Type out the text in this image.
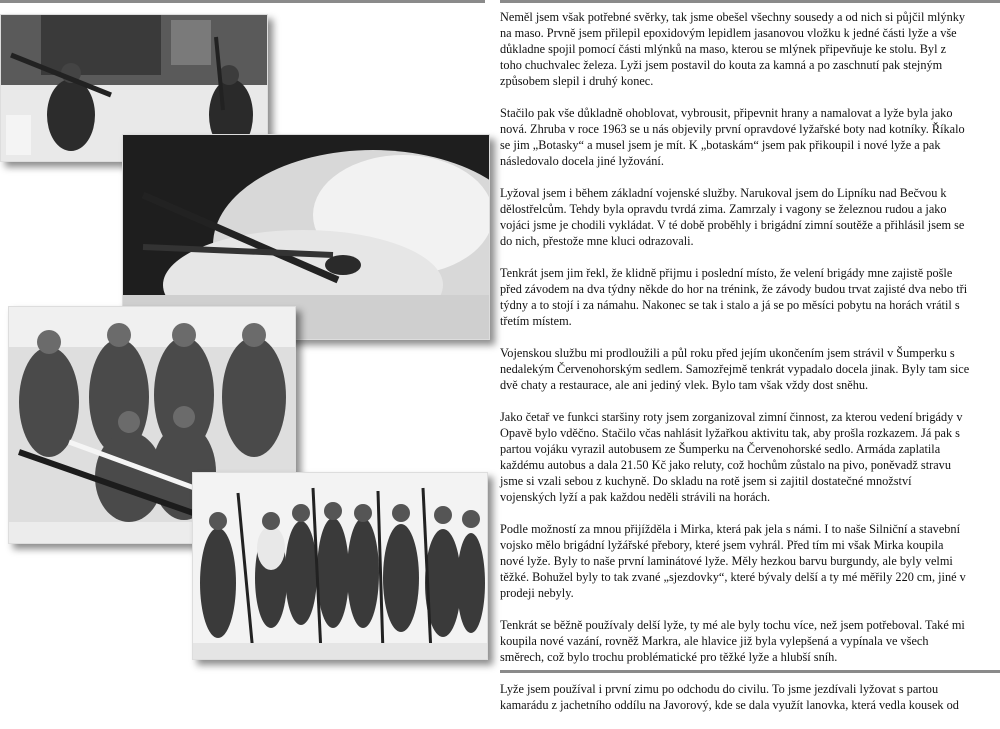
Neměl jsem však potřebné svěrky, tak jsme obešel všechny sousedy a od nich si půjčil mlýnky na maso. Prvně jsem přilepil epoxidovým lepidlem jasanovou vložku k jedné části lyže a vše důkladne spojil pomocí části mlýnků na maso, kterou se mlýnek připevňuje ke stolu. Byl z toho chuchvalec železa. Lyži jsem postavil do kouta za kamná a po zaschnutí pak stejným způsobem slepil i druhý konec.

Stačilo pak vše důkladně ohoblovat, vybrousit, připevnit hrany a namalovat a lyže byla jako nová. Zhruba v roce 1963 se u nás objevily první opravdové lyžařské boty nad kotníky. Říkalo se jim „Botasky“ a musel jsem je mít. K „botaskám“ jsem pak přikoupil i nové lyže a pak následovalo docela jiné lyžování.

Lyžoval jsem i během základní vojenské služby. Narukoval jsem do Lipníku nad Bečvou k dělostřelcům. Tehdy byla opravdu tvrdá zima. Zamrzaly i vagony se železnou rudou a jako vojáci jsme je chodili vykládat. V té době proběhly i brigádní zimní soutěže a přihlásil jsem se do nich, přestože mne kluci odrazovali.

Tenkrát jsem jim řekl, že klidně přijmu i poslední místo, že velení brigády mne zajistě pošle před závodem na dva týdny někde do hor na trénink, že závody budou trvat zajisté dva nebo tři týdny a to stojí i za námahu. Nakonec se tak i stalo a já se po měsíci pobytu na horách vrátil s třetím místem.

Vojenskou službu mi prodloužili a půl roku před jejím ukončením jsem strávil v Šumperku s nedalekým Červenohorským sedlem. Samozřejmě tenkrát vypadalo docela jinak. Byly tam sice dvě chaty a restaurace, ale ani jediný vlek. Bylo tam však vždy dost sněhu.

Jako četař ve funkci staršiny roty jsem zorganizoval zimní činnost, za kterou vedení brigády v Opavě bylo vděčno. Stačilo včas nahlásit lyžařkou aktivitu tak, aby prošla rozkazem. Já pak s partou vojáku vyrazil autobusem ze Šumperku na Červenohorské sedlo. Armáda zaplatila každému autobus a dala 21.50 Kč jako reluty, což hochům zůstalo na pivo, poněvadž stravu jsme si vzali sebou z kuchyně. Do skladu na rotě jsem si zajitil dostatečné množství vojenských lyží a pak každou neděli strávili na horách.

Podle možností za mnou přijížděla i Mirka, která pak jela s námi. I to naše Silniční a stavební vojsko mělo brigádní lyžářské přebory, které jsem vyhrál. Před tím mi však Mirka koupila nové lyže. Byly to naše první laminátové lyže. Měly hezkou barvu burgundy, ale byly velmi těžké. Bohužel byly to tak zvané „sjezdovky“, které bývaly delší a ty mé měřily 220 cm, jiné v prodeji nebyly.

Tenkrát se běžně používaly delší lyže, ty mé ale byly tochu více, než jsem potřeboval. Také mi koupila nové vazání, rovněž Markra, ale hlavice již byla vylepšená a vypínala ve všech směrech, což bylo trochu problématické pro těžké lyže a hlubší sníh.

Lyže jsem používal i první zimu po odchodu do civilu. To jsme jezdívali lyžovat s partou kamarádu z jachetního oddílu na Javorový, kde se dala využít lanovka, která vedla kousek od
